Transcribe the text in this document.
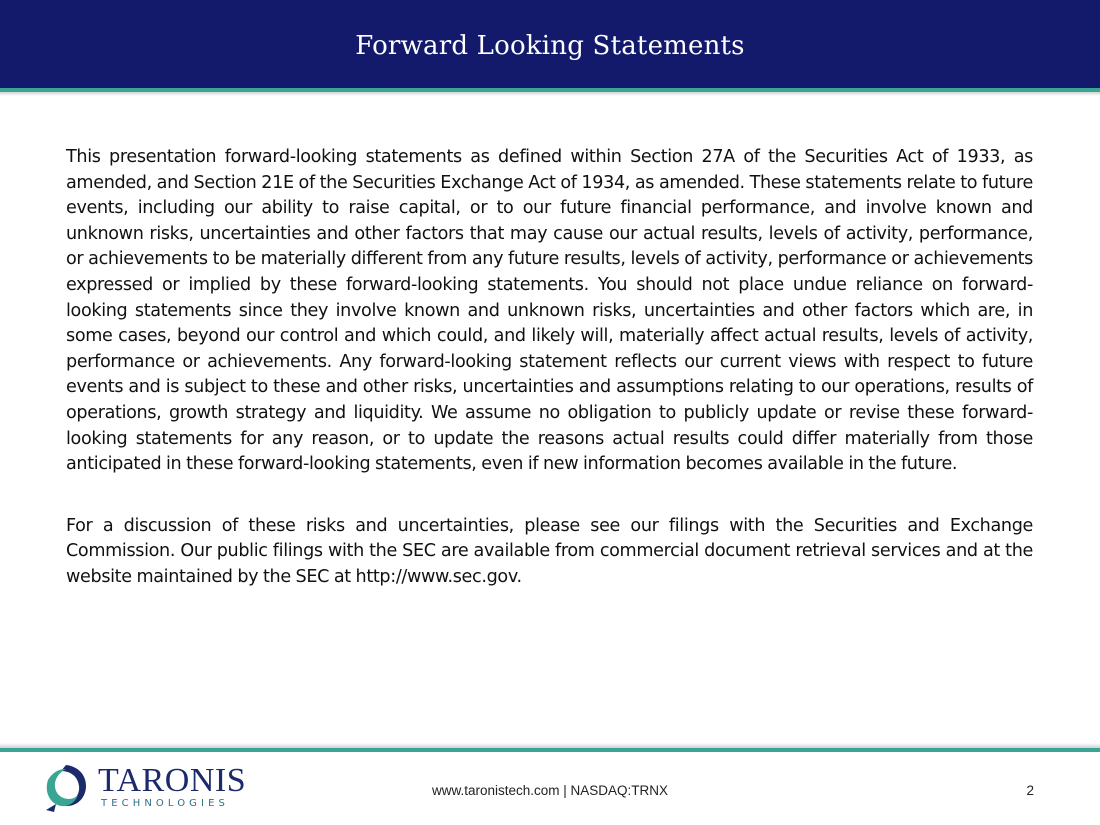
Forward Looking Statements

This presentation forward-looking statements as defined within Section 27A of the Securities Act of 1933, as amended, and Section 21E of the Securities Exchange Act of 1934, as amended. These statements relate to future events, including our ability to raise capital, or to our future financial performance, and involve known and unknown risks, uncertainties and other factors that may cause our actual results, levels of activity, performance, or achievements to be materially different from any future results, levels of activity, performance or achievements expressed or implied by these forward-looking statements. You should not place undue reliance on forward-looking statements since they involve known and unknown risks, uncertainties and other factors which are, in some cases, beyond our control and which could, and likely will, materially affect actual results, levels of activity, performance or achievements. Any forward-looking statement reflects our current views with respect to future events and is subject to these and other risks, uncertainties and assumptions relating to our operations, results of operations, growth strategy and liquidity. We assume no obligation to publicly update or revise these forward-looking statements for any reason, or to update the reasons actual results could differ materially from those anticipated in these forward-looking statements, even if new information becomes available in the future.

For a discussion of these risks and uncertainties, please see our filings with the Securities and Exchange Commission. Our public filings with the SEC are available from commercial document retrieval services and at the website maintained by the SEC at http://www.sec.gov.

TARONIS
TECHNOLOGIES
www.taronistech.com | NASDAQ:TRNX	2
